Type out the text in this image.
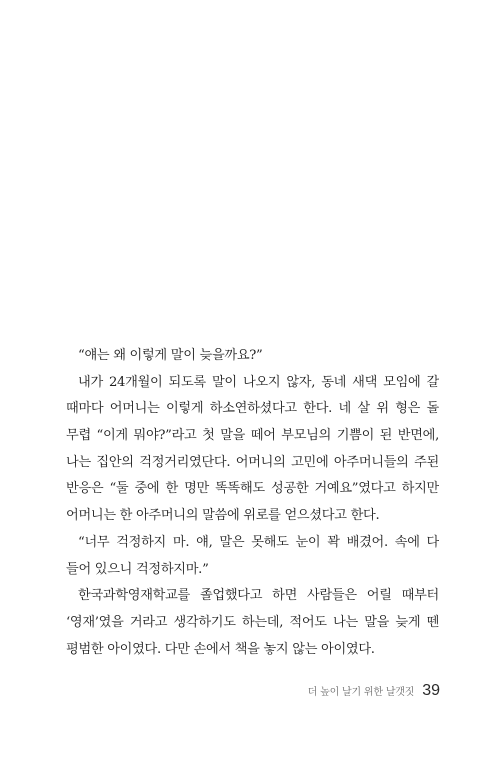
“얘는 왜 이렇게 말이 늦을까요?”
내가 24개월이 되도록 말이 나오지 않자, 동네 새댁 모임에 갈
때마다 어머니는 이렇게 하소연하셨다고 한다. 네 살 위 형은 돌
무렵 “이게 뭐야?”라고 첫 말을 떼어 부모님의 기쁨이 된 반면에,
나는 집안의 걱정거리였단다. 어머니의 고민에 아주머니들의 주된
반응은 “둘 중에 한 명만 똑똑해도 성공한 거예요”였다고 하지만
어머니는 한 아주머니의 말씀에 위로를 얻으셨다고 한다.
“너무 걱정하지 마. 얘, 말은 못해도 눈이 꽉 배겼어. 속에 다
들어 있으니 걱정하지마.”
한국과학영재학교를 졸업했다고 하면 사람들은 어릴 때부터
‘영재’였을 거라고 생각하기도 하는데, 적어도 나는 말을 늦게 뗀
평범한 아이였다. 다만 손에서 책을 놓지 않는 아이였다.
더 높이 날기 위한 날갯짓 39
